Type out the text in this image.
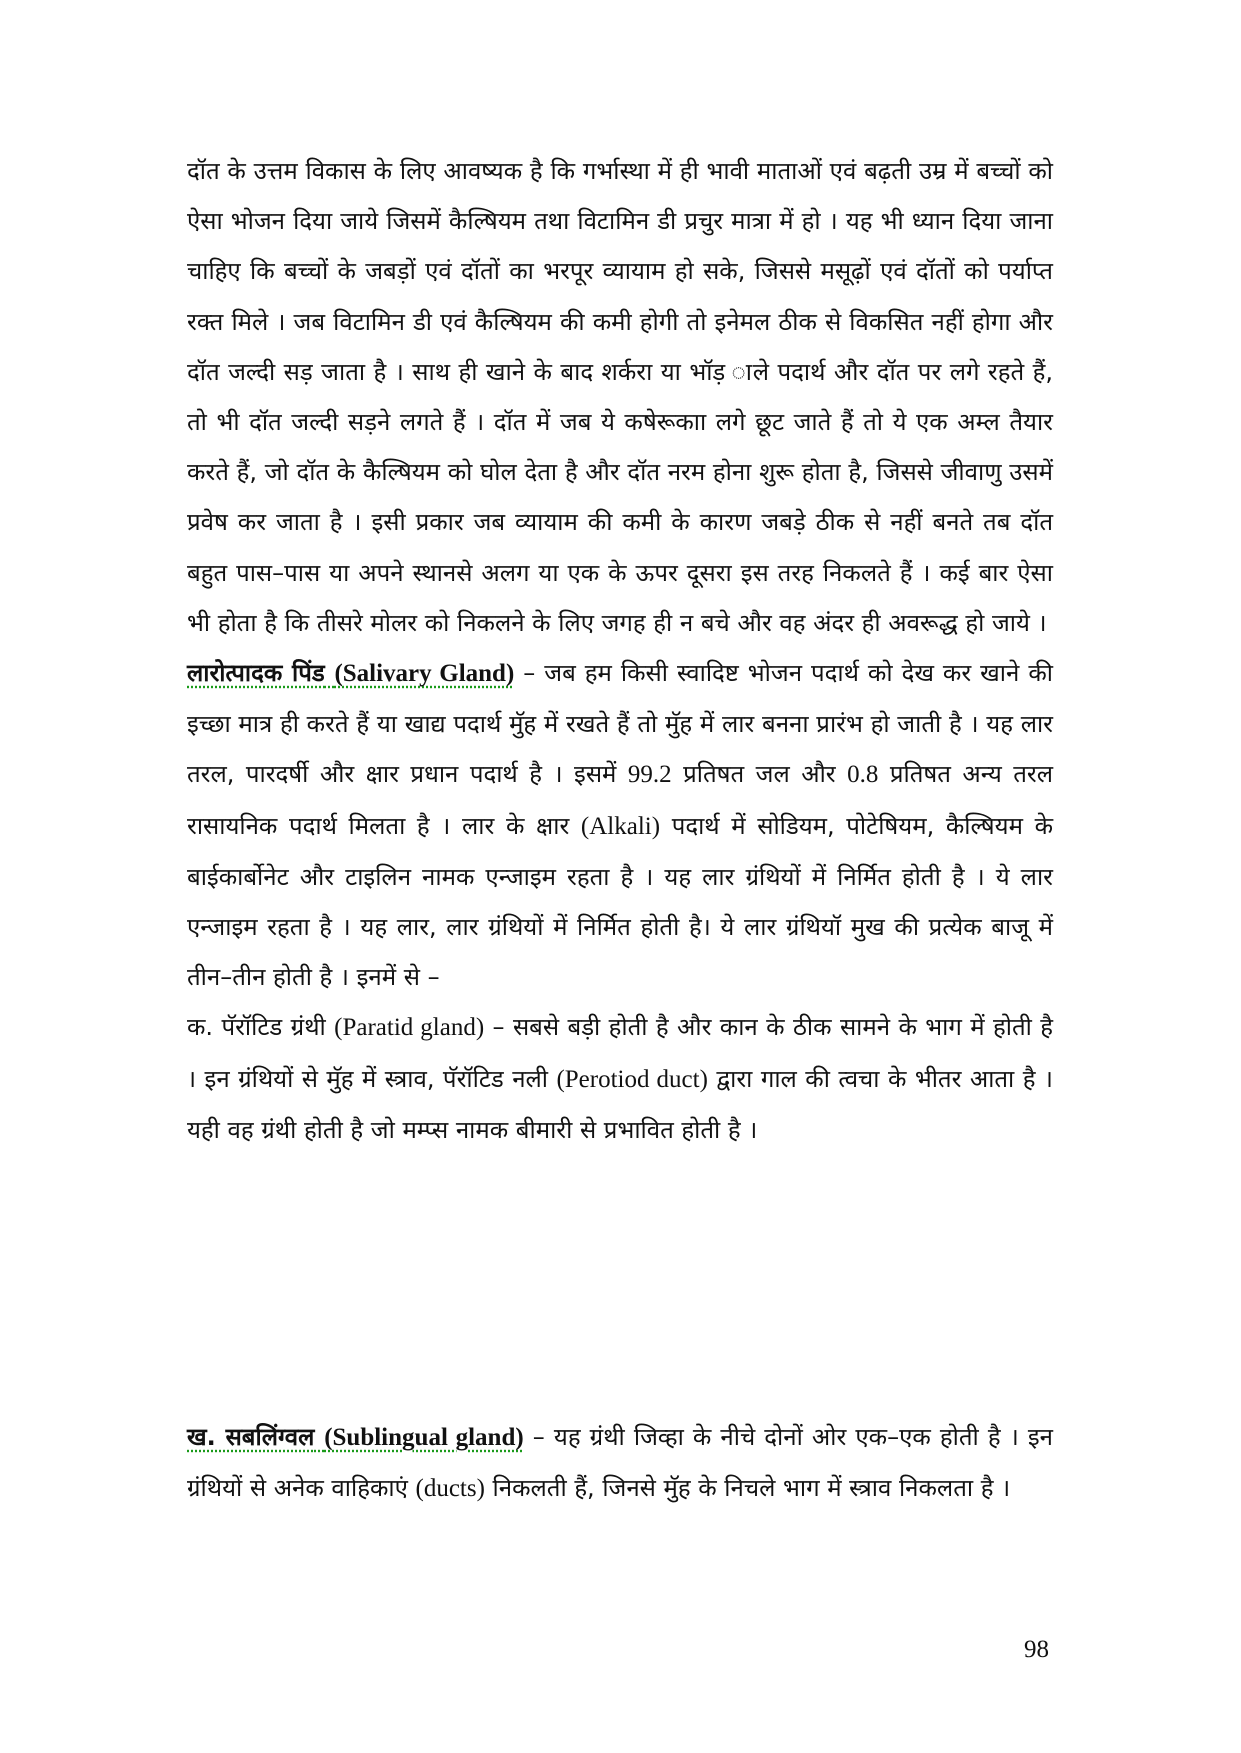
दॉत के उत्तम विकास के लिए आवष्यक है कि गर्भास्था में ही भावी माताओं एवं बढ़ती उम्र में बच्चों को ऐसा भोजन दिया जाये जिसमें कैल्षियम तथा विटामिन डी प्रचुर मात्रा में हो । यह भी ध्यान दिया जाना चाहिए कि बच्चों के जबड़ों एवं दॉतों का भरपूर व्यायाम हो सके, जिससे मसूढ़ों एवं दॉतों को पर्याप्त रक्त मिले । जब विटामिन डी एवं कैल्षियम की कमी होगी तो इनेमल ठीक से विकसित नहीं होगा और दॉत जल्दी सड़ जाता है । साथ ही खाने के बाद शर्करा या भॉड़ ाले पदार्थ और दॉत पर लगे रहते हैं, तो भी दॉत जल्दी सड़ने लगते हैं । दॉत में जब ये कषेरूकाा लगे छूट जाते हैं तो ये एक अम्ल तैयार करते हैं, जो दॉत के कैल्षियम को घोल देता है और दॉत नरम होना शुरू होता है, जिससे जीवाणु उसमें प्रवेष कर जाता है । इसी प्रकार जब व्यायाम की कमी के कारण जबड़े ठीक से नहीं बनते तब दॉत बहुत पास–पास या अपने स्थानसे अलग या एक के ऊपर दूसरा इस तरह निकलते हैं । कई बार ऐसा भी होता है कि तीसरे मोलर को निकलने के लिए जगह ही न बचे और वह अंदर ही अवरूद्ध हो जाये ।

लारोत्पादक पिंड (Salivary Gland) – जब हम किसी स्वादिष्ट भोजन पदार्थ को देख कर खाने की इच्छा मात्र ही करते हैं या खाद्य पदार्थ मुॅह में रखते हैं तो मुॅह में लार बनना प्रारंभ हो जाती है । यह लार तरल, पारदर्षी और क्षार प्रधान पदार्थ है । इसमें 99.2 प्रतिषत जल और 0.8 प्रतिषत अन्य तरल रासायनिक पदार्थ मिलता है । लार के क्षार (Alkali) पदार्थ में सोडियम, पोटेषियम, कैल्षियम के बाईकार्बोनेट और टाइलिन नामक एन्जाइम रहता है । यह लार ग्रंथियों में निर्मित होती है । ये लार एन्जाइम रहता है । यह लार, लार ग्रंथियों में निर्मित होती है। ये लार ग्रंथियॉ मुख की प्रत्येक बाजू में तीन–तीन होती है । इनमें से –

क. पॅरॉटिड ग्रंथी (Paratid gland) – सबसे बड़ी होती है और कान के ठीक सामने के भाग में होती है । इन ग्रंथियों से मुॅह में स्त्राव, पॅरॉटिड नली (Perotiod duct) द्वारा गाल की त्वचा के भीतर आता है । यही वह ग्रंथी होती है जो मम्प्स नामक बीमारी से प्रभावित होती है ।

ख. सबलिंग्वल (Sublingual gland) – यह ग्रंथी जिव्हा के नीचे दोनों ओर एक–एक होती है । इन ग्रंथियों से अनेक वाहिकाएं (ducts) निकलती हैं, जिनसे मुॅह के निचले भाग में स्त्राव निकलता है ।

98
